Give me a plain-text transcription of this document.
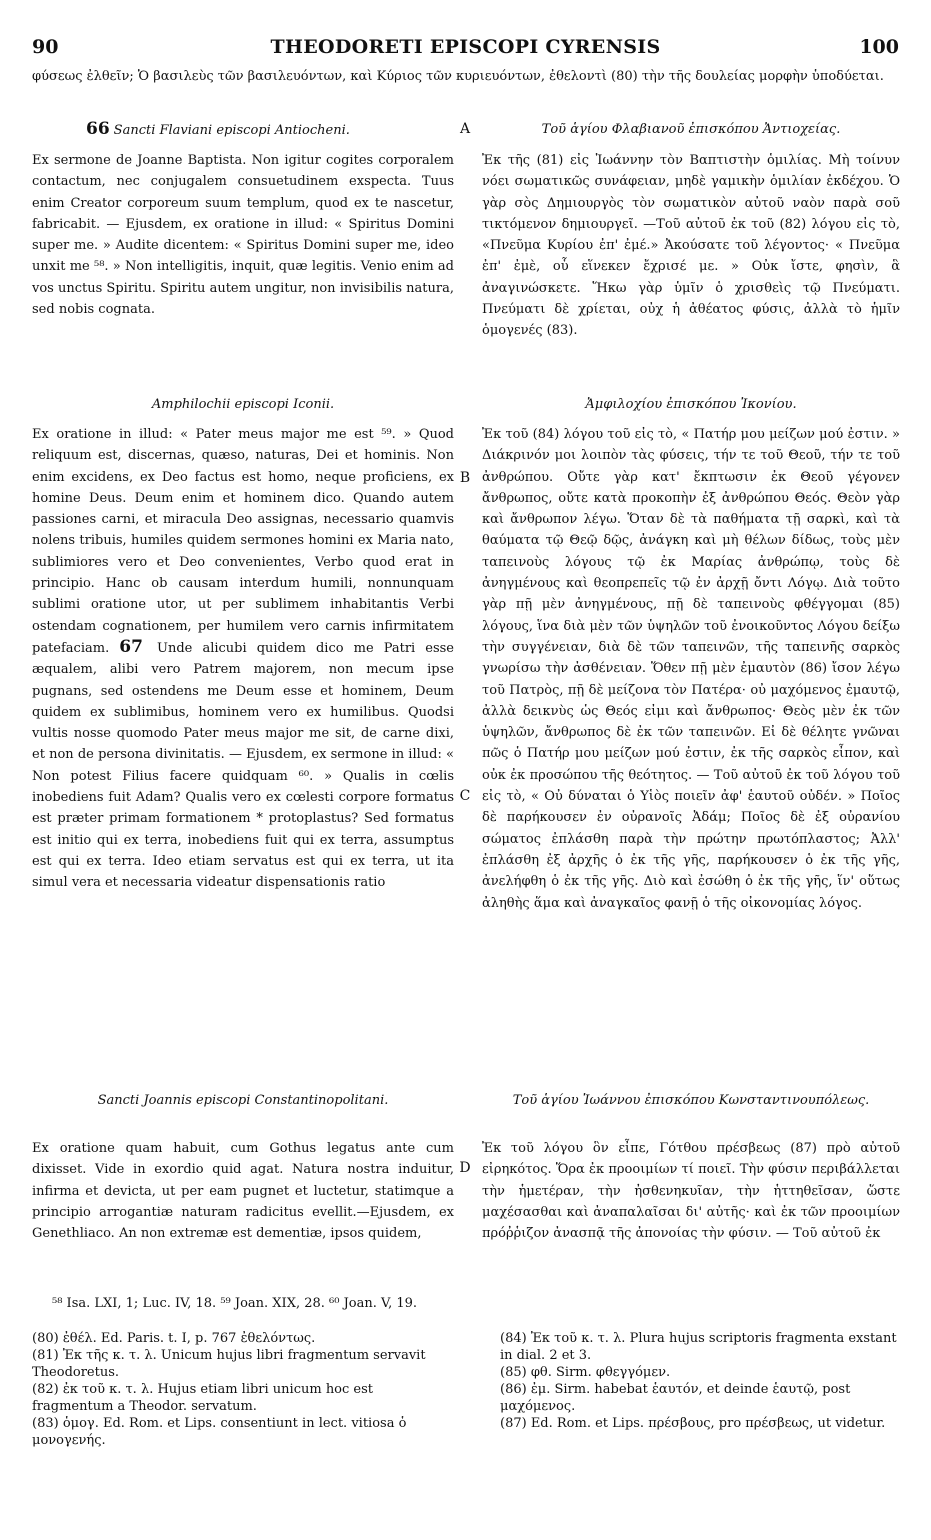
90	THEODORETI EPISCOPI CYRENSIS	100

φύσεως ἐλθεῖν; Ὁ βασιλεὺς τῶν βασιλευόντων, καὶ Κύριος τῶν κυριευόντων, ἐθελοντὶ (80) τὴν τῆς δουλείας μορφὴν ὑποδύεται.

66 Sancti Flaviani episcopi Antiocheni.	A	Τοῦ ἁγίου Φλαβιανοῦ ἐπισκόπου Ἀντιοχείας.

Ex sermone de Joanne Baptista. Non igitur cogites corporalem contactum, nec conjugalem consuetudinem exspecta. Tuus enim Creator corporeum suum templum, quod ex te nascetur, fabricabit. — Ejusdem, ex oratione in illud: « Spiritus Domini super me. » Audite dicentem: « Spiritus Domini super me, ideo unxit me ⁵⁸. » Non intelligitis, inquit, quæ legitis. Venio enim ad vos unctus Spiritu. Spiritu autem ungitur, non invisibilis natura, sed nobis cognata.

Ἐκ τῆς (81) εἰς Ἰωάννην τὸν Βαπτιστὴν ὁμιλίας. Μὴ τοίνυν νόει σωματικῶς συνάφειαν, μηδὲ γαμικὴν ὁμιλίαν ἐκδέχου. Ὁ γὰρ σὸς Δημιουργὸς τὸν σωματικὸν αὐτοῦ ναὸν παρὰ σοῦ τικτόμενον δημιουργεῖ. —Τοῦ αὐτοῦ ἐκ τοῦ (82) λόγου εἰς τὸ, «Πνεῦμα Κυρίου ἐπ' ἐμέ.» Ἀκούσατε τοῦ λέγοντος· « Πνεῦμα ἐπ' ἐμὲ, οὗ εἵνεκεν ἔχρισέ με. » Οὐκ ἴστε, φησὶν, ἃ ἀναγινώσκετε. Ἥκω γὰρ ὑμῖν ὁ χρισθεὶς τῷ Πνεύματι. Πνεύματι δὲ χρίεται, οὐχ ἡ ἀθέατος φύσις, ἀλλὰ τὸ ἡμῖν ὁμογενές (83).

Amphilochii episcopi Iconii.	Ἀμφιλοχίου ἐπισκόπου Ἰκονίου.

Ex oratione in illud: « Pater meus major me est ⁵⁹. » Quod reliquum est, discernas, quæso, naturas, Dei et hominis. Non enim excidens, ex Deo factus est homo, neque proficiens, ex homine Deus. Deum enim et hominem dico. Quando autem passiones carni, et miracula Deo assignas, necessario quamvis nolens tribuis, humiles quidem sermones homini ex Maria nato, sublimiores vero et Deo convenientes, Verbo quod erat in principio. Hanc ob causam interdum humili, nonnunquam sublimi oratione utor, ut per sublimem inhabitantis Verbi ostendam cognationem, per humilem vero carnis infirmitatem patefaciam. 67 Unde alicubi quidem dico me Patri esse æqualem, alibi vero Patrem majorem, non mecum ipse pugnans, sed ostendens me Deum esse et hominem, Deum quidem ex sublimibus, hominem vero ex humilibus. Quodsi vultis nosse quomodo Pater meus major me sit, de carne dixi, et non de persona divinitatis. — Ejusdem, ex sermone in illud: « Non potest Filius facere quidquam ⁶⁰. » Qualis in cœlis inobediens fuit Adam? Qualis vero ex cœlesti corpore formatus est præter primam formationem * protoplastus? Sed formatus est initio qui ex terra, inobediens fuit qui ex terra, assumptus est qui ex terra. Ideo etiam servatus est qui ex terra, ut ita simul vera et necessaria videatur dispensationis ratio

B
C

Ἐκ τοῦ (84) λόγου τοῦ εἰς τὸ, « Πατήρ μου μείζων μού ἐστιν. » Διάκρινόν μοι λοιπὸν τὰς φύσεις, τήν τε τοῦ Θεοῦ, τήν τε τοῦ ἀνθρώπου. Οὔτε γὰρ κατ' ἔκπτωσιν ἐκ Θεοῦ γέγονεν ἄνθρωπος, οὔτε κατὰ προκοπὴν ἐξ ἀνθρώπου Θεός. Θεὸν γὰρ καὶ ἄνθρωπον λέγω. Ὅταν δὲ τὰ παθήματα τῇ σαρκὶ, καὶ τὰ θαύματα τῷ Θεῷ δῷς, ἀνάγκη καὶ μὴ θέλων δίδως, τοὺς μὲν ταπεινοὺς λόγους τῷ ἐκ Μαρίας ἀνθρώπῳ, τοὺς δὲ ἀνηγμένους καὶ θεοπρεπεῖς τῷ ἐν ἀρχῇ ὄντι Λόγῳ. Διὰ τοῦτο γὰρ πῇ μὲν ἀνηγμένους, πῇ δὲ ταπεινοὺς φθέγγομαι (85) λόγους, ἵνα διὰ μὲν τῶν ὑψηλῶν τοῦ ἐνοικοῦντος Λόγου δείξω τὴν συγγένειαν, διὰ δὲ τῶν ταπεινῶν, τῆς ταπεινῆς σαρκὸς γνωρίσω τὴν ἀσθένειαν. Ὅθεν πῇ μὲν ἐμαυτὸν (86) ἴσον λέγω τοῦ Πατρὸς, πῇ δὲ μείζονα τὸν Πατέρα· οὐ μαχόμενος ἐμαυτῷ, ἀλλὰ δεικνὺς ὡς Θεός εἰμι καὶ ἄνθρωπος· Θεὸς μὲν ἐκ τῶν ὑψηλῶν, ἄνθρωπος δὲ ἐκ τῶν ταπεινῶν. Εἰ δὲ θέλητε γνῶναι πῶς ὁ Πατήρ μου μείζων μού ἐστιν, ἐκ τῆς σαρκὸς εἶπον, καὶ οὐκ ἐκ προσώπου τῆς θεότητος. — Τοῦ αὐτοῦ ἐκ τοῦ λόγου τοῦ εἰς τὸ, « Οὐ δύναται ὁ Υἱὸς ποιεῖν ἀφ' ἑαυτοῦ οὐδέν. » Ποῖος δὲ παρήκουσεν ἐν οὐρανοῖς Ἀδάμ; Ποῖος δὲ ἐξ οὐρανίου σώματος ἐπλάσθη παρὰ τὴν πρώτην πρωτόπλαστος; Ἀλλ' ἐπλάσθη ἐξ ἀρχῆς ὁ ἐκ τῆς γῆς, παρήκουσεν ὁ ἐκ τῆς γῆς, ἀνελήφθη ὁ ἐκ τῆς γῆς. Διὸ καὶ ἐσώθη ὁ ἐκ τῆς γῆς, ἵν' οὕτως ἀληθὴς ἅμα καὶ ἀναγκαῖος φανῇ ὁ τῆς οἰκονομίας λόγος.

Sancti Joannis episcopi Constantinopolitani.	Τοῦ ἁγίου Ἰωάννου ἐπισκόπου Κωνσταντινουπόλεως.

Ex oratione quam habuit, cum Gothus legatus ante cum dixisset. Vide in exordio quid agat. Natura nostra induitur, infirma et devicta, ut per eam pugnet et luctetur, statimque a principio arrogantiæ naturam radicitus evellit.—Ejusdem, ex Genethliaco. An non extremæ est dementiæ, ipsos quidem,

D

Ἐκ τοῦ λόγου ὃν εἶπε, Γότθου πρέσβεως (87) πρὸ αὐτοῦ εἰρηκότος. Ὅρα ἐκ προοιμίων τί ποιεῖ. Τὴν φύσιν περιβάλλεται τὴν ἡμετέραν, τὴν ἠσθενηκυῖαν, τὴν ἡττηθεῖσαν, ὥστε μαχέσασθαι καὶ ἀναπαλαῖσαι δι' αὐτῆς· καὶ ἐκ τῶν προοιμίων πρόῤῥιζον ἀνασπᾷ τῆς ἀπονοίας τὴν φύσιν. — Τοῦ αὐτοῦ ἐκ

⁵⁸ Isa. LXI, 1; Luc. IV, 18. ⁵⁹ Joan. XIX, 28. ⁶⁰ Joan. V, 19.

(80) ἐθέλ. Ed. Paris. t. I, p. 767 ἐθελόντως.

(81) Ἐκ τῆς κ. τ. λ. Unicum hujus libri fragmentum servavit Theodoretus.

(82) ἐκ τοῦ κ. τ. λ. Hujus etiam libri unicum hoc est fragmentum a Theodor. servatum.

(83) ὁμογ. Ed. Rom. et Lips. consentiunt in lect. vitiosa ὁ μονογενής.

(84) Ἐκ τοῦ κ. τ. λ. Plura hujus scriptoris fragmenta exstant in dial. 2 et 3.

(85) φθ. Sirm. φθεγγόμεν.

(86) ἐμ. Sirm. habebat ἑαυτόν, et deinde ἑαυτῷ, post μαχόμενος.

(87) Ed. Rom. et Lips. πρέσβους, pro πρέσβεως, ut videtur.
